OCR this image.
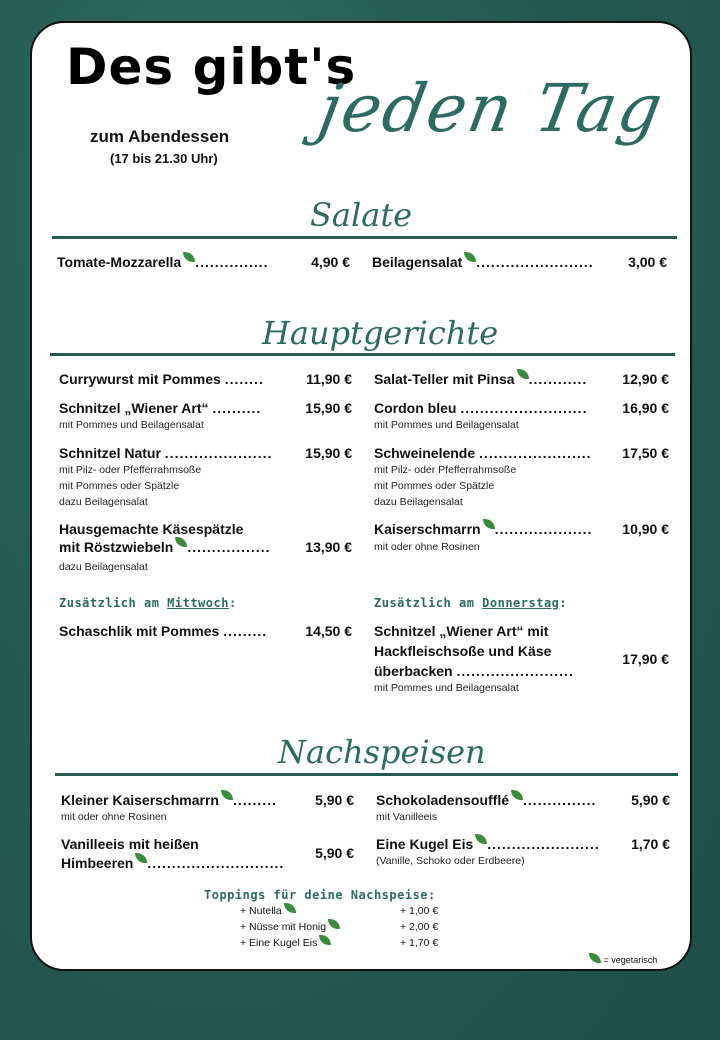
Des gibt's
jeden Tag
zum Abendessen
(17 bis 21.30 Uhr)
Salate
Tomate-Mozzarella ...............	4,90 € Beilagensalat ........................	3,00 €
Hauptgerichte
Currywurst mit Pommes ........	11,90 €
Schnitzel „Wiener Art“ ..........	15,90 €
mit Pommes und Beilagensalat
Schnitzel Natur ......................	15,90 €
mit Pilz- oder Pfefferrahmsoße
mit Pommes oder Spätzle
dazu Beilagensalat
Hausgemachte Käsespätzle
mit Röstzwiebeln .................	13,90 €
dazu Beilagensalat
Salat-Teller mit Pinsa ............	12,90 €
Cordon bleu ..........................	16,90 €
mit Pommes und Beilagensalat
Schweinelende .......................	17,50 €
mit Pilz- oder Pfefferrahmsoße
mit Pommes oder Spätzle
dazu Beilagensalat
Kaiserschmarrn ....................	10,90 €
mit oder ohne Rosinen
Zusätzlich am Mittwoch:
Schaschlik mit Pommes .........	14,50 €
Zusätzlich am Donnerstag:
Schnitzel „Wiener Art“ mit
Hackfleischsoße und Käse
überbacken ........................
17,90 €
mit Pommes und Beilagensalat
Nachspeisen
Kleiner Kaiserschmarrn .........	5,90 €
mit oder ohne Rosinen
Vanilleeis mit heißen
Himbeeren ............................
5,90 €
Schokoladensoufflé ...............	5,90 €
mit Vanilleeis
Eine Kugel Eis .......................	1,70 €
(Vanille, Schoko oder Erdbeere)
Toppings für deine Nachspeise:
+ Nutella	+ 1,00 €
+ Nüsse mit Honig	+ 2,00 €
+ Eine Kugel Eis	+ 1,70 €
= vegetarisch
